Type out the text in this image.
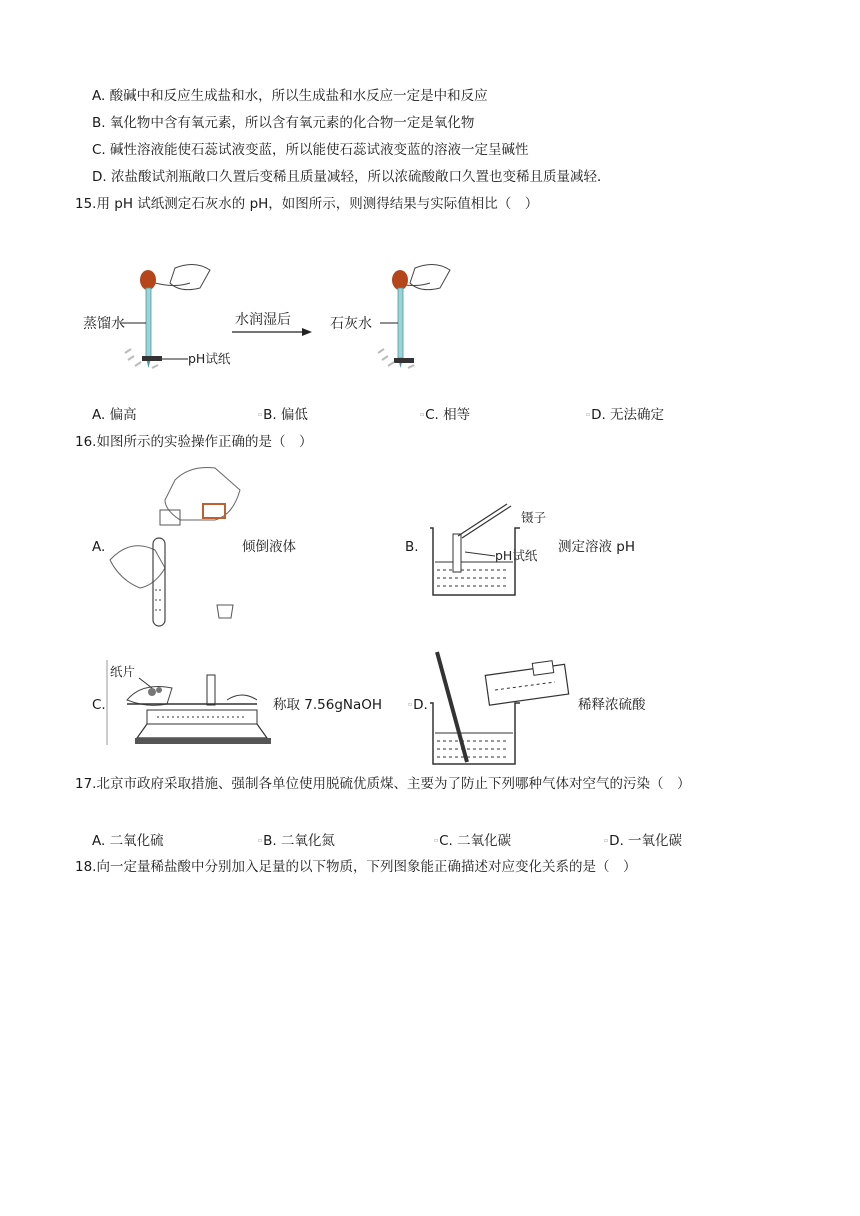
A. 酸碱中和反应生成盐和水，所以生成盐和水反应一定是中和反应
B. 氧化物中含有氧元素，所以含有氧元素的化合物一定是氧化物
C. 碱性溶液能使石蕊试液变蓝，所以能使石蕊试液变蓝的溶液一定呈碱性
D. 浓盐酸试剂瓶敞口久置后变稀且质量减轻，所以浓硫酸敞口久置也变稀且质量减轻．
15.用 pH 试纸测定石灰水的 pH，如图所示，则测得结果与实际值相比（　）
蒸馏水
pH试纸
水润湿后	石灰水
A. 偏高	▫B. 偏低	▫C. 相等	▫D. 无法确定
16.如图所示的实验操作正确的是（　）
A.	倾倒液体	B.
镊子
pH试纸
测定溶液 pH
C.
纸片
称取 7.56gNaOH	▫D.	稀释浓硫酸
17.北京市政府采取措施、强制各单位使用脱硫优质煤、主要为了防止下列哪种气体对空气的污染（　）
A. 二氧化硫	▫B. 二氧化氮	▫C. 二氧化碳	▫D. 一氧化碳
18.向一定量稀盐酸中分别加入足量的以下物质，下列图象能正确描述对应变化关系的是（　）
